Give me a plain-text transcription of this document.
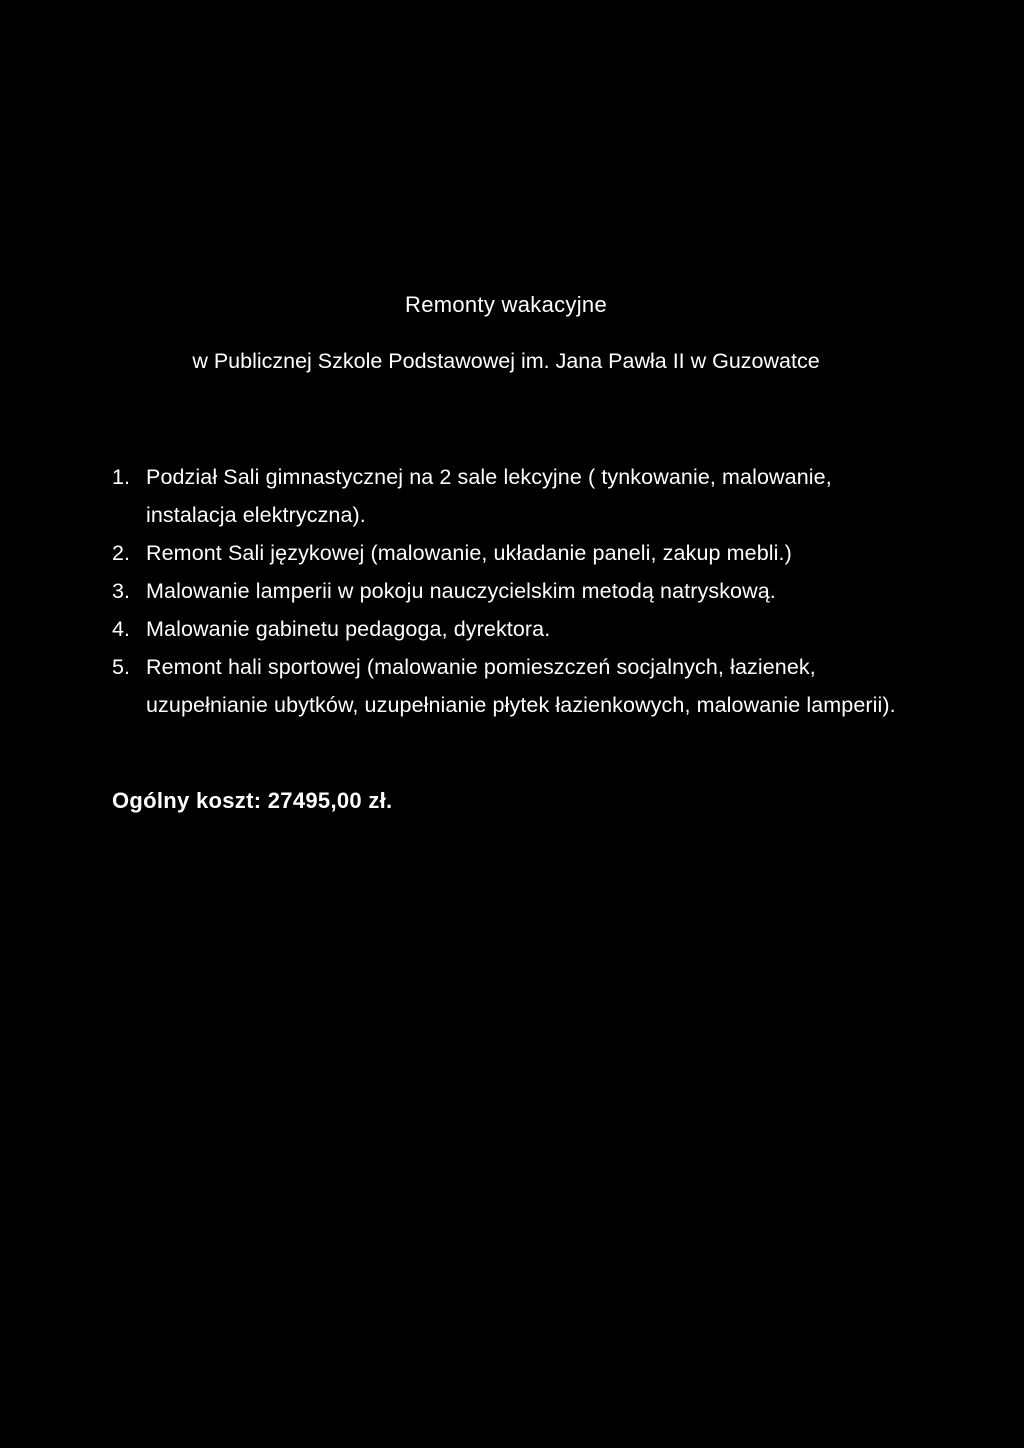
Remonty wakacyjne
w Publicznej Szkole Podstawowej im. Jana Pawła II w Guzowatce
1. Podział Sali gimnastycznej na 2 sale lekcyjne ( tynkowanie, malowanie, instalacja elektryczna).
2. Remont Sali językowej (malowanie, układanie paneli, zakup mebli.)
3. Malowanie lamperii w pokoju nauczycielskim metodą natryskową.
4. Malowanie gabinetu pedagoga, dyrektora.
5. Remont hali sportowej (malowanie pomieszczeń socjalnych, łazienek, uzupełnianie ubytków, uzupełnianie płytek łazienkowych, malowanie lamperii).
Ogólny koszt: 27495,00 zł.
